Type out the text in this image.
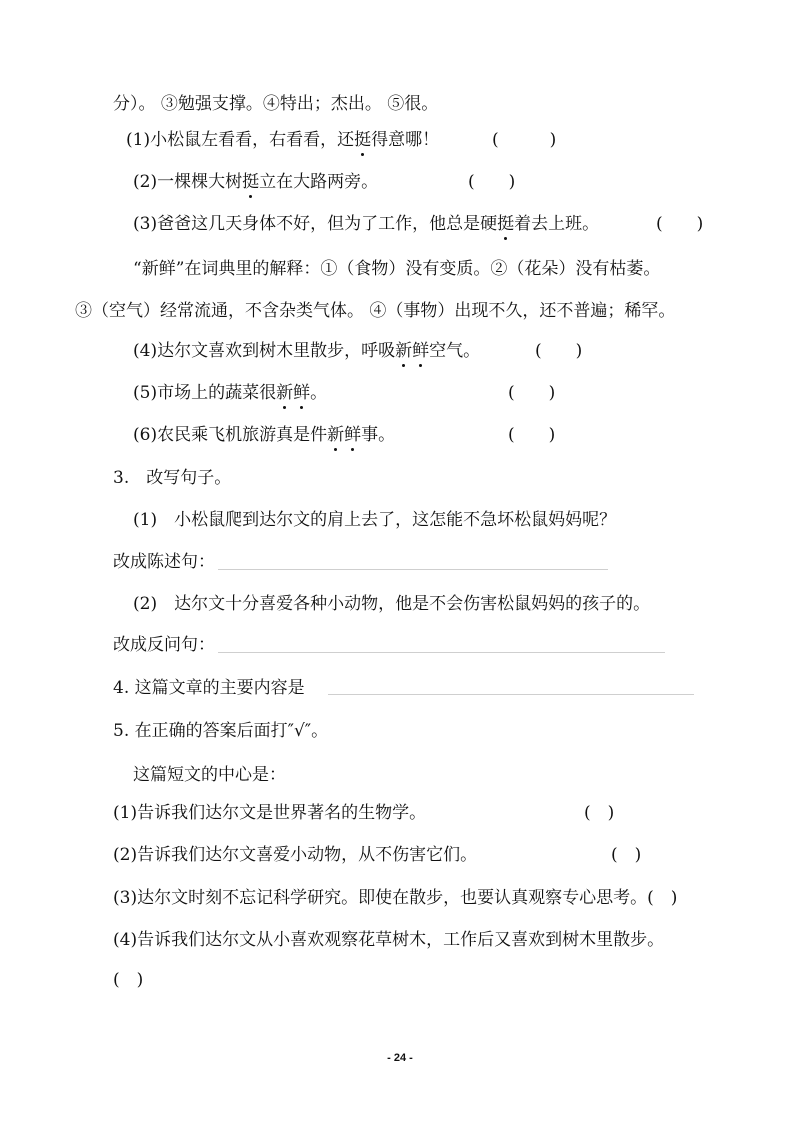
分）。 ③勉强支撑。④特出；杰出。 ⑤很。
(1)小松鼠左看看，右看看，还挺得意哪！	(　　　)
(2)一棵棵大树挺立在大路两旁。	(　　)
(3)爸爸这几天身体不好，但为了工作，他总是硬挺着去上班。	(　　)
“新鲜”在词典里的解释：①（食物）没有变质。②（花朵）没有枯萎。
③（空气）经常流通，不含杂类气体。 ④（事物）出现不久，还不普遍；稀罕。
(4)达尔文喜欢到树木里散步，呼吸新鲜空气。	(　　)
(5)市场上的蔬菜很新鲜。	(　　)
(6)农民乘飞机旅游真是件新鲜事。	(　　)
3.　改写句子。
(1)　小松鼠爬到达尔文的肩上去了，这怎能不急坏松鼠妈妈呢？
改成陈述句：
(2)　达尔文十分喜爱各种小动物，他是不会伤害松鼠妈妈的孩子的。
改成反问句：
4. 这篇文章的主要内容是
5. 在正确的答案后面打″√″。
这篇短文的中心是：
(1)告诉我们达尔文是世界著名的生物学。	(　)
(2)告诉我们达尔文喜爱小动物，从不伤害它们。	(　)
(3)达尔文时刻不忘记科学研究。即使在散步，也要认真观察专心思考。(　)
(4)告诉我们达尔文从小喜欢观察花草树木，工作后又喜欢到树木里散步。
(　)
- 24 -
